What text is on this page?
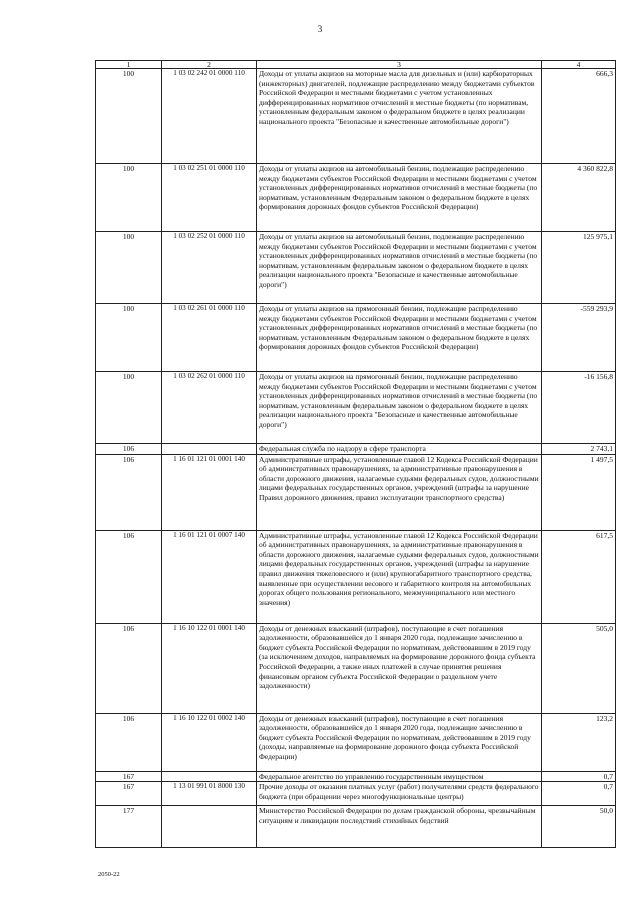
3
1	2	3	4
100	1 03 02 242 01 0000 110	Доходы от уплаты акцизов на моторные масла для дизельных и (или) карбюраторных (инжекторных) двигателей, подлежащие распределению между бюджетами субъектов Российской Федерации и местными бюджетами с учетом установленных дифференцированных нормативов отчислений в местные бюджеты (по нормативам, установленным федеральным законом о федеральном бюджете в целях реализации национального проекта "Безопасные и качественные автомобильные дороги")	666,3
100	1 03 02 251 01 0000 110	Доходы от уплаты акцизов на автомобильный бензин, подлежащие распределению между бюджетами субъектов Российской Федерации и местными бюджетами с учетом установленных дифференцированных нормативов отчислений в местные бюджеты (по нормативам, установленным Федеральным законом о федеральном бюджете в целях формирования дорожных фондов субъектов Российской Федерации)	4 360 822,8
100	1 03 02 252 01 0000 110	Доходы от уплаты акцизов на автомобильный бензин, подлежащие распределению между бюджетами субъектов Российской Федерации и местными бюджетами с учетом установленных дифференцированных нормативов отчислений в местные бюджеты (по нормативам, установленным федеральным законом о федеральном бюджете в целях реализации национального проекта "Безопасные и качественные автомобильные дороги")	125 975,1
100	1 03 02 261 01 0000 110	Доходы от уплаты акцизов на прямогонный бензин, подлежащие распределению между бюджетами субъектов Российской Федерации и местными бюджетами с учетом установленных дифференцированных нормативов отчислений в местные бюджеты (по нормативам, установленным Федеральным законом о федеральном бюджете в целях формирования дорожных фондов субъектов Российской Федерации)	-559 293,9
100	1 03 02 262 01 0000 110	Доходы от уплаты акцизов на прямогонный бензин, подлежащие распределению между бюджетами субъектов Российской Федерации и местными бюджетами с учетом установленных дифференцированных нормативов отчислений в местные бюджеты (по нормативам, установленным федеральным законом о федеральном бюджете в целях реализации национального проекта "Безопасные и качественные автомобильные дороги")	-16 156,8
106		Федеральная служба по надзору в сфере транспорта	2 743,1
106	1 16 01 121 01 0001 140	Административные штрафы, установленные главой 12 Кодекса Российской Федерации об административных правонарушениях, за административные правонарушения в области дорожного движения, налагаемые судьями федеральных судов, должностными лицами федеральных государственных органов, учреждений (штрафы за нарушение Правил дорожного движения, правил эксплуатации транспортного средства)	1 497,5
106	1 16 01 121 01 0007 140	Административные штрафы, установленные главой 12 Кодекса Российской Федерации об административных правонарушениях, за административные правонарушения в области дорожного движения, налагаемые судьями федеральных судов, должностными лицами федеральных государственных органов, учреждений (штрафы за нарушение правил движения тяжеловесного и (или) крупногабаритного транспортного средства, выявленные при осуществлении весового и габаритного контроля на автомобильных дорогах общего пользования регионального, межмуниципального или местного значения)	617,5
106	1 16 10 122 01 0001 140	Доходы от денежных взысканий (штрафов), поступающие в счет погашения задолженности, образовавшейся до 1 января 2020 года, подлежащие зачислению в бюджет субъекта Российской Федерации по нормативам, действовавшим в 2019 году (за исключением доходов, направляемых на формирование дорожного фонда субъекта Российской Федерации, а также иных платежей в случае принятия решения финансовым органом субъекта Российской Федерации о раздельном учете задолженности)	505,0
106	1 16 10 122 01 0002 140	Доходы от денежных взысканий (штрафов), поступающие в счет погашения задолженности, образовавшейся до 1 января 2020 года, подлежащие зачислению в бюджет субъекта Российской Федерации по нормативам, действовавшим в 2019 году (доходы, направляемые на формирование дорожного фонда субъекта Российской Федерации)	123,2
167		Федеральное агентство по управлению государственным имуществом	0,7
167	1 13 01 991 01 8000 130	Прочие доходы от оказания платных услуг (работ) получателями средств федерального бюджета (при обращении через многофункциональные центры)	0,7
177		Министерство Российской Федерации по делам гражданской обороны, чрезвычайным ситуациям и ликвидации последствий стихийных бедствий	50,0
2050-22
